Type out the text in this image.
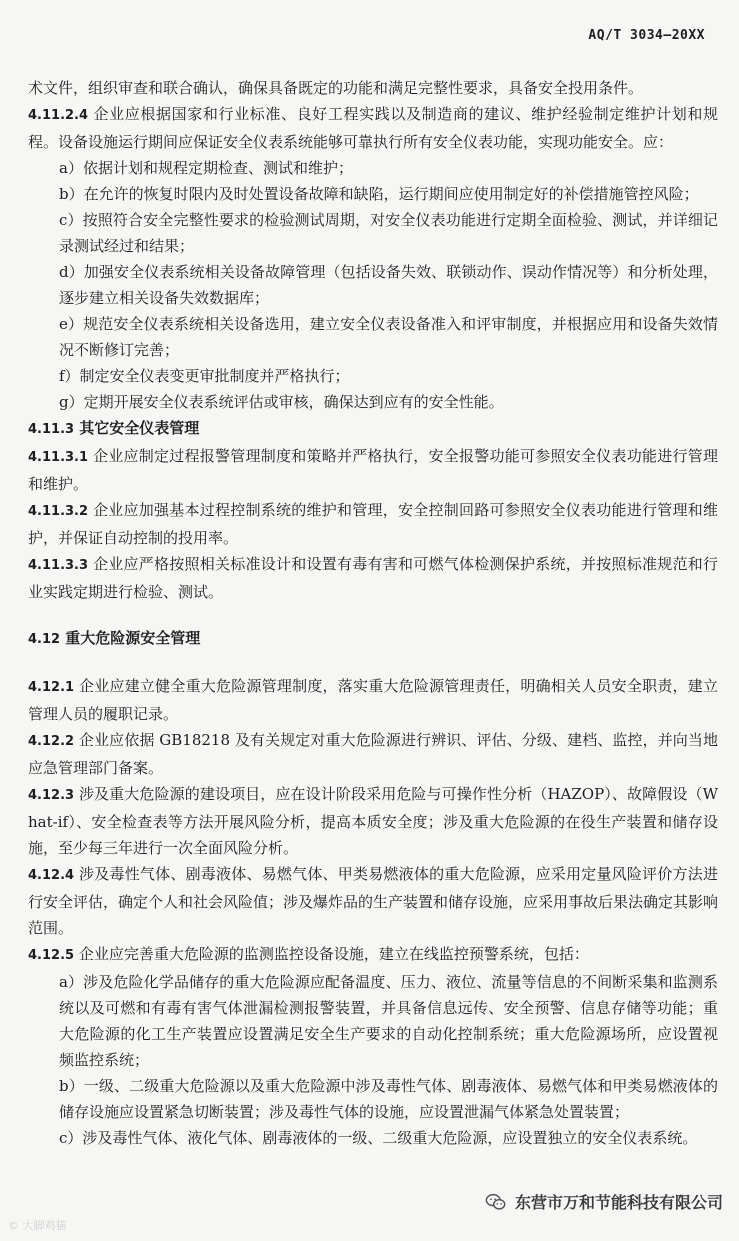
AQ/T 3034—20XX

术文件，组织审查和联合确认，确保具备既定的功能和满足完整性要求，具备安全投用条件。

4.11.2.4 企业应根据国家和行业标准、良好工程实践以及制造商的建议、维护经验制定维护计划和规程。设备设施运行期间应保证安全仪表系统能够可靠执行所有安全仪表功能，实现功能安全。应：

a）依据计划和规程定期检查、测试和维护；

b）在允许的恢复时限内及时处置设备故障和缺陷，运行期间应使用制定好的补偿措施管控风险；

c）按照符合安全完整性要求的检验测试周期，对安全仪表功能进行定期全面检验、测试，并详细记录测试经过和结果；

d）加强安全仪表系统相关设备故障管理（包括设备失效、联锁动作、误动作情况等）和分析处理，逐步建立相关设备失效数据库；

e）规范安全仪表系统相关设备选用，建立安全仪表设备准入和评审制度，并根据应用和设备失效情况不断修订完善；

f）制定安全仪表变更审批制度并严格执行；

g）定期开展安全仪表系统评估或审核，确保达到应有的安全性能。

4.11.3 其它安全仪表管理

4.11.3.1 企业应制定过程报警管理制度和策略并严格执行，安全报警功能可参照安全仪表功能进行管理和维护。

4.11.3.2 企业应加强基本过程控制系统的维护和管理，安全控制回路可参照安全仪表功能进行管理和维护，并保证自动控制的投用率。

4.11.3.3 企业应严格按照相关标准设计和设置有毒有害和可燃气体检测保护系统，并按照标准规范和行业实践定期进行检验、测试。

4.12 重大危险源安全管理

4.12.1 企业应建立健全重大危险源管理制度，落实重大危险源管理责任，明确相关人员安全职责，建立管理人员的履职记录。

4.12.2 企业应依据 GB18218 及有关规定对重大危险源进行辨识、评估、分级、建档、监控，并向当地应急管理部门备案。

4.12.3 涉及重大危险源的建设项目，应在设计阶段采用危险与可操作性分析（HAZOP）、故障假设（What-if）、安全检查表等方法开展风险分析，提高本质安全度；涉及重大危险源的在役生产装置和储存设施，至少每三年进行一次全面风险分析。

4.12.4 涉及毒性气体、剧毒液体、易燃气体、甲类易燃液体的重大危险源，应采用定量风险评价方法进行安全评估，确定个人和社会风险值；涉及爆炸品的生产装置和储存设施，应采用事故后果法确定其影响范围。

4.12.5 企业应完善重大危险源的监测监控设备设施，建立在线监控预警系统，包括：

a）涉及危险化学品储存的重大危险源应配备温度、压力、液位、流量等信息的不间断采集和监测系统以及可燃和有毒有害气体泄漏检测报警装置，并具备信息远传、安全预警、信息存储等功能；重大危险源的化工生产装置应设置满足安全生产要求的自动化控制系统；重大危险源场所，应设置视频监控系统；

b）一级、二级重大危险源以及重大危险源中涉及毒性气体、剧毒液体、易燃气体和甲类易燃液体的储存设施应设置紧急切断装置；涉及毒性气体的设施，应设置泄漏气体紧急处置装置；

c）涉及毒性气体、液化气体、剧毒液体的一级、二级重大危险源，应设置独立的安全仪表系统。

© 大脚鸡猫
东营市万和节能科技有限公司
